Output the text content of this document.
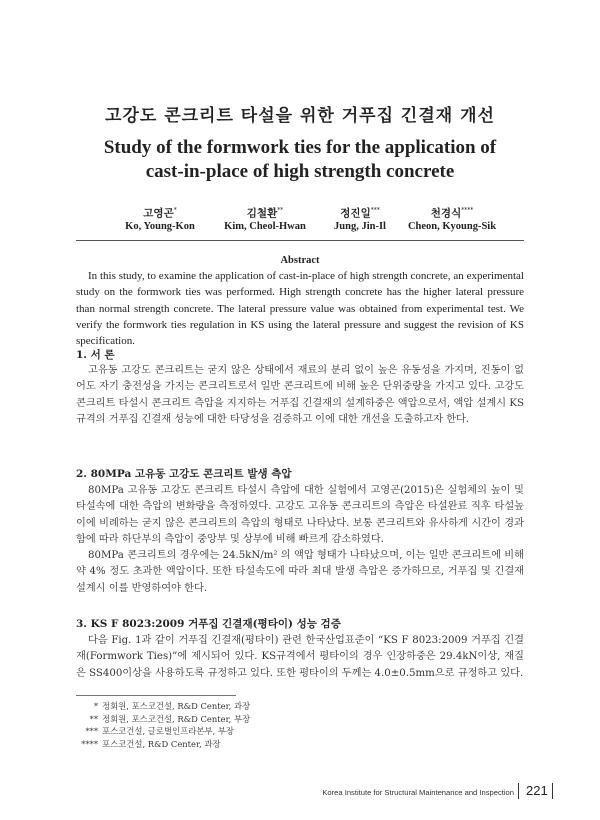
고강도 콘크리트 타설을 위한 거푸집 긴결재 개선
Study of the formwork ties for the application of
cast-in-place of high strength concrete
고영곤*
Ko, Young-Kon
김철환**
Kim, Cheol-Hwan
정진일***
Jung, Jin-Il
천경식****
Cheon, Kyoung-Sik
Abstract
In this study, to examine the application of cast-in-place of high strength concrete, an experimental study on the formwork ties was performed. High strength concrete has the higher lateral pressure than normal strength concrete. The lateral pressure value was obtained from experimental test. We verify the formwork ties regulation in KS using the lateral pressure and suggest the revision of KS specification.
1. 서 론
고유동 고강도 콘크리트는 굳지 않은 상태에서 재료의 분리 없이 높은 유동성을 가지며, 진동이 없어도 자기 충전성을 가지는 콘크리트로서 일반 콘크리트에 비해 높은 단위중량을 가지고 있다. 고강도 콘크리트 타설시 콘크리트 측압을 지지하는 거푸집 긴결재의 설계하중은 액압으로서, 액압 설계시 KS규격의 거푸집 긴결재 성능에 대한 타당성을 검증하고 이에 대한 개선을 도출하고자 한다.
2. 80MPa 고유동 고강도 콘크리트 발생 측압
80MPa 고유동 고강도 콘크리트 타설시 측압에 대한 실험에서 고영곤(2015)은 실험체의 높이 및 타설속에 대한 측압의 변화량을 측정하였다. 고강도 고유동 콘크리트의 측압은 타설완료 직후 타설높이에 비례하는 굳지 않은 콘크리트의 측압의 형태로 나타났다. 보통 콘크리트와 유사하게 시간이 경과함에 따라 하단부의 측압이 중앙부 및 상부에 비해 빠르게 감소하였다.
80MPa 콘크리트의 경우에는 24.5kN/m² 의 액압 형태가 나타났으며, 이는 일반 콘크리트에 비해 약 4% 정도 초과한 액압이다. 또한 타설속도에 따라 최대 발생 측압은 증가하므로, 거푸집 및 긴결재 설계시 이를 반영하여야 한다.
3. KS F 8023:2009 거푸집 긴결재(평타이) 성능 검증
다음 Fig. 1과 같이 거푸집 긴결재(평타이) 관련 한국산업표준이 “KS F 8023:2009 거푸집 긴결재(Formwork Ties)”에 제시되어 있다. KS규격에서 평타이의 경우 인장하중은 29.4kN이상, 재질은 SS400이상을 사용하도록 규정하고 있다. 또한 평타이의 두께는 4.0±0.5mm으로 규정하고 있다.
* 정회원, 포스코건설, R&D Center, 과장
** 정회원, 포스코건설, R&D Center, 부장
*** 포스코건설, 글로벌인프라본부, 부장
**** 포스코건설, R&D Center, 과장
Korea Institute for Structural Maintenance and Inspection 221
